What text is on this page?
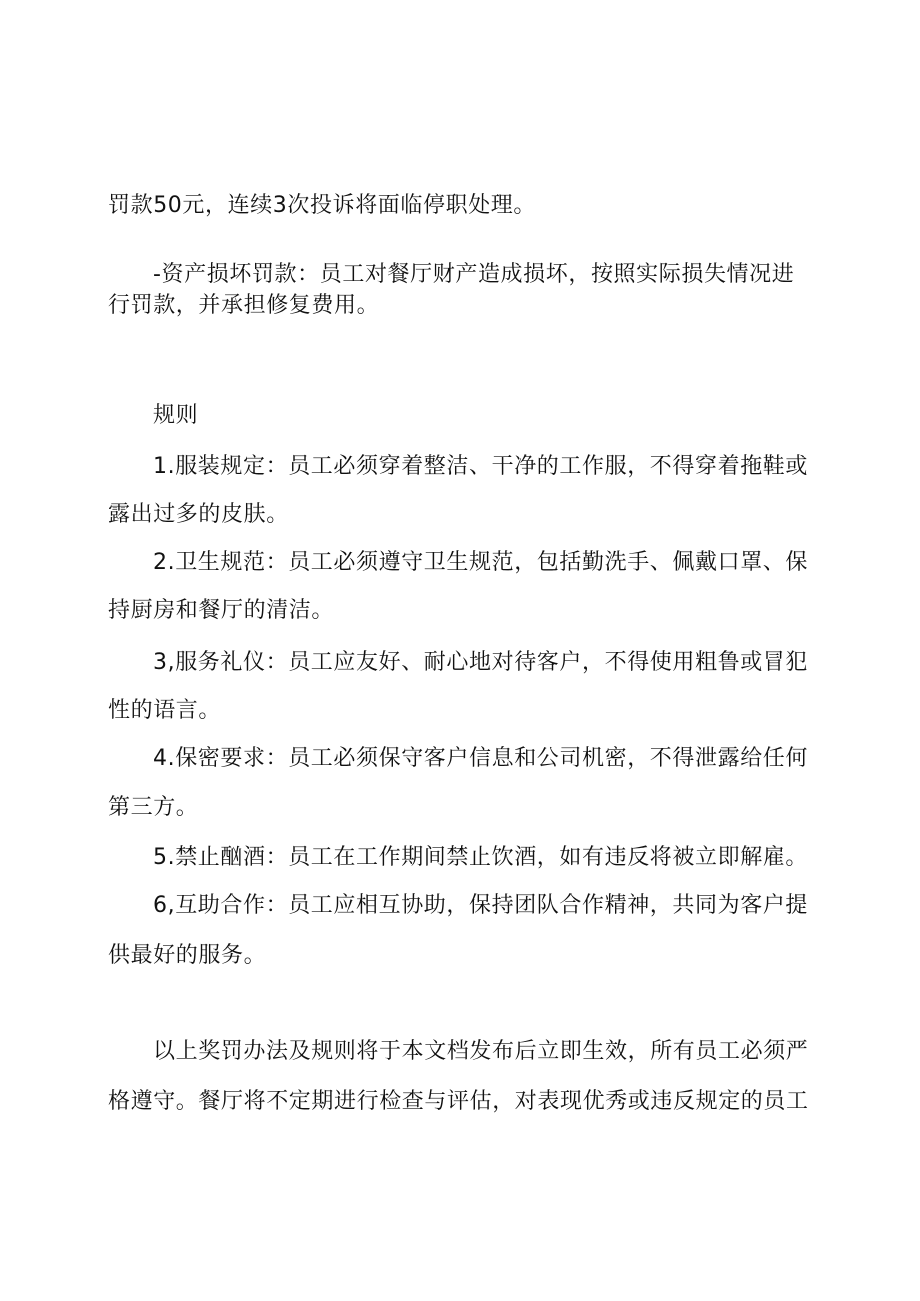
罚款50元，连续3次投诉将面临停职处理。
-资产损坏罚款：员工对餐厅财产造成损坏，按照实际损失情况进
行罚款，并承担修复费用。
规则
1.服装规定：员工必须穿着整洁、干净的工作服，不得穿着拖鞋或
露出过多的皮肤。
2.卫生规范：员工必须遵守卫生规范，包括勤洗手、佩戴口罩、保
持厨房和餐厅的清洁。
3,服务礼仪：员工应友好、耐心地对待客户，不得使用粗鲁或冒犯
性的语言。
4.保密要求：员工必须保守客户信息和公司机密，不得泄露给任何
第三方。
5.禁止酗酒：员工在工作期间禁止饮酒，如有违反将被立即解雇。
6,互助合作：员工应相互协助，保持团队合作精神，共同为客户提
供最好的服务。
以上奖罚办法及规则将于本文档发布后立即生效，所有员工必须严
格遵守。餐厅将不定期进行检查与评估，对表现优秀或违反规定的员工
